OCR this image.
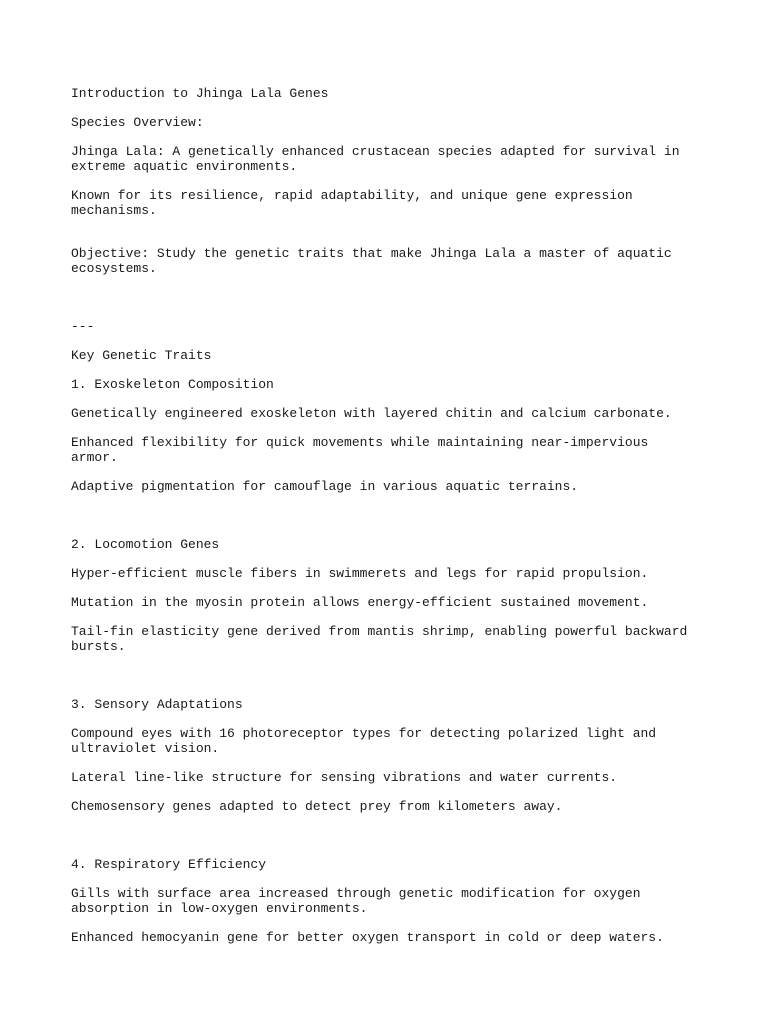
Introduction to Jhinga Lala Genes

Species Overview:

Jhinga Lala: A genetically enhanced crustacean species adapted for survival in extreme aquatic environments.

Known for its resilience, rapid adaptability, and unique gene expression mechanisms.

Objective: Study the genetic traits that make Jhinga Lala a master of aquatic ecosystems.

---

Key Genetic Traits

1. Exoskeleton Composition

Genetically engineered exoskeleton with layered chitin and calcium carbonate.

Enhanced flexibility for quick movements while maintaining near-impervious armor.

Adaptive pigmentation for camouflage in various aquatic terrains.

2. Locomotion Genes

Hyper-efficient muscle fibers in swimmerets and legs for rapid propulsion.

Mutation in the myosin protein allows energy-efficient sustained movement.

Tail-fin elasticity gene derived from mantis shrimp, enabling powerful backward bursts.

3. Sensory Adaptations

Compound eyes with 16 photoreceptor types for detecting polarized light and ultraviolet vision.

Lateral line-like structure for sensing vibrations and water currents.

Chemosensory genes adapted to detect prey from kilometers away.

4. Respiratory Efficiency

Gills with surface area increased through genetic modification for oxygen absorption in low-oxygen environments.

Enhanced hemocyanin gene for better oxygen transport in cold or deep waters.
